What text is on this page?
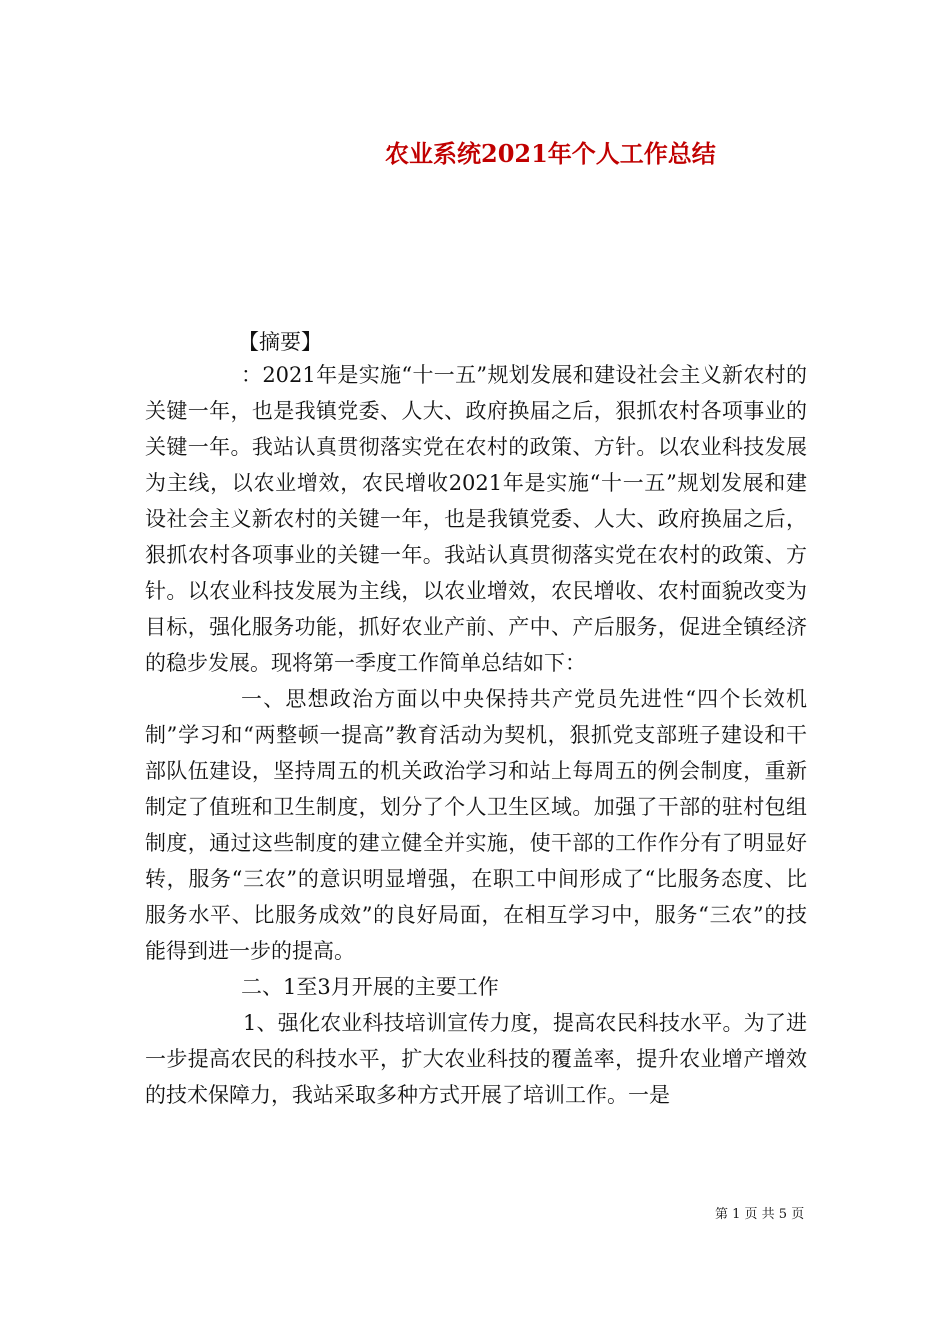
农业系统2021年个人工作总结
【摘要】

：2021年是实施“十一五”规划发展和建设社会主义新农村的关键一年，也是我镇党委、人大、政府换届之后，狠抓农村各项事业的关键一年。我站认真贯彻落实党在农村的政策、方针。以农业科技发展为主线，以农业增效，农民增收2021年是实施“十一五”规划发展和建设社会主义新农村的关键一年，也是我镇党委、人大、政府换届之后，狠抓农村各项事业的关键一年。我站认真贯彻落实党在农村的政策、方针。以农业科技发展为主线，以农业增效，农民增收、农村面貌改变为目标，强化服务功能，抓好农业产前、产中、产后服务，促进全镇经济的稳步发展。现将第一季度工作简单总结如下：

一、思想政治方面以中央保持共产党员先进性“四个长效机制”学习和“两整顿一提高”教育活动为契机，狠抓党支部班子建设和干部队伍建设，坚持周五的机关政治学习和站上每周五的例会制度，重新制定了值班和卫生制度，划分了个人卫生区域。加强了干部的驻村包组制度，通过这些制度的建立健全并实施，使干部的工作作分有了明显好转，服务“三农”的意识明显增强，在职工中间形成了“比服务态度、比服务水平、比服务成效”的良好局面，在相互学习中，服务“三农”的技能得到进一步的提高。

二、1至3月开展的主要工作

1、强化农业科技培训宣传力度，提高农民科技水平。为了进一步提高农民的科技水平，扩大农业科技的覆盖率，提升农业增产增效的技术保障力，我站采取多种方式开展了培训工作。一是

第 1 页 共 5 页
